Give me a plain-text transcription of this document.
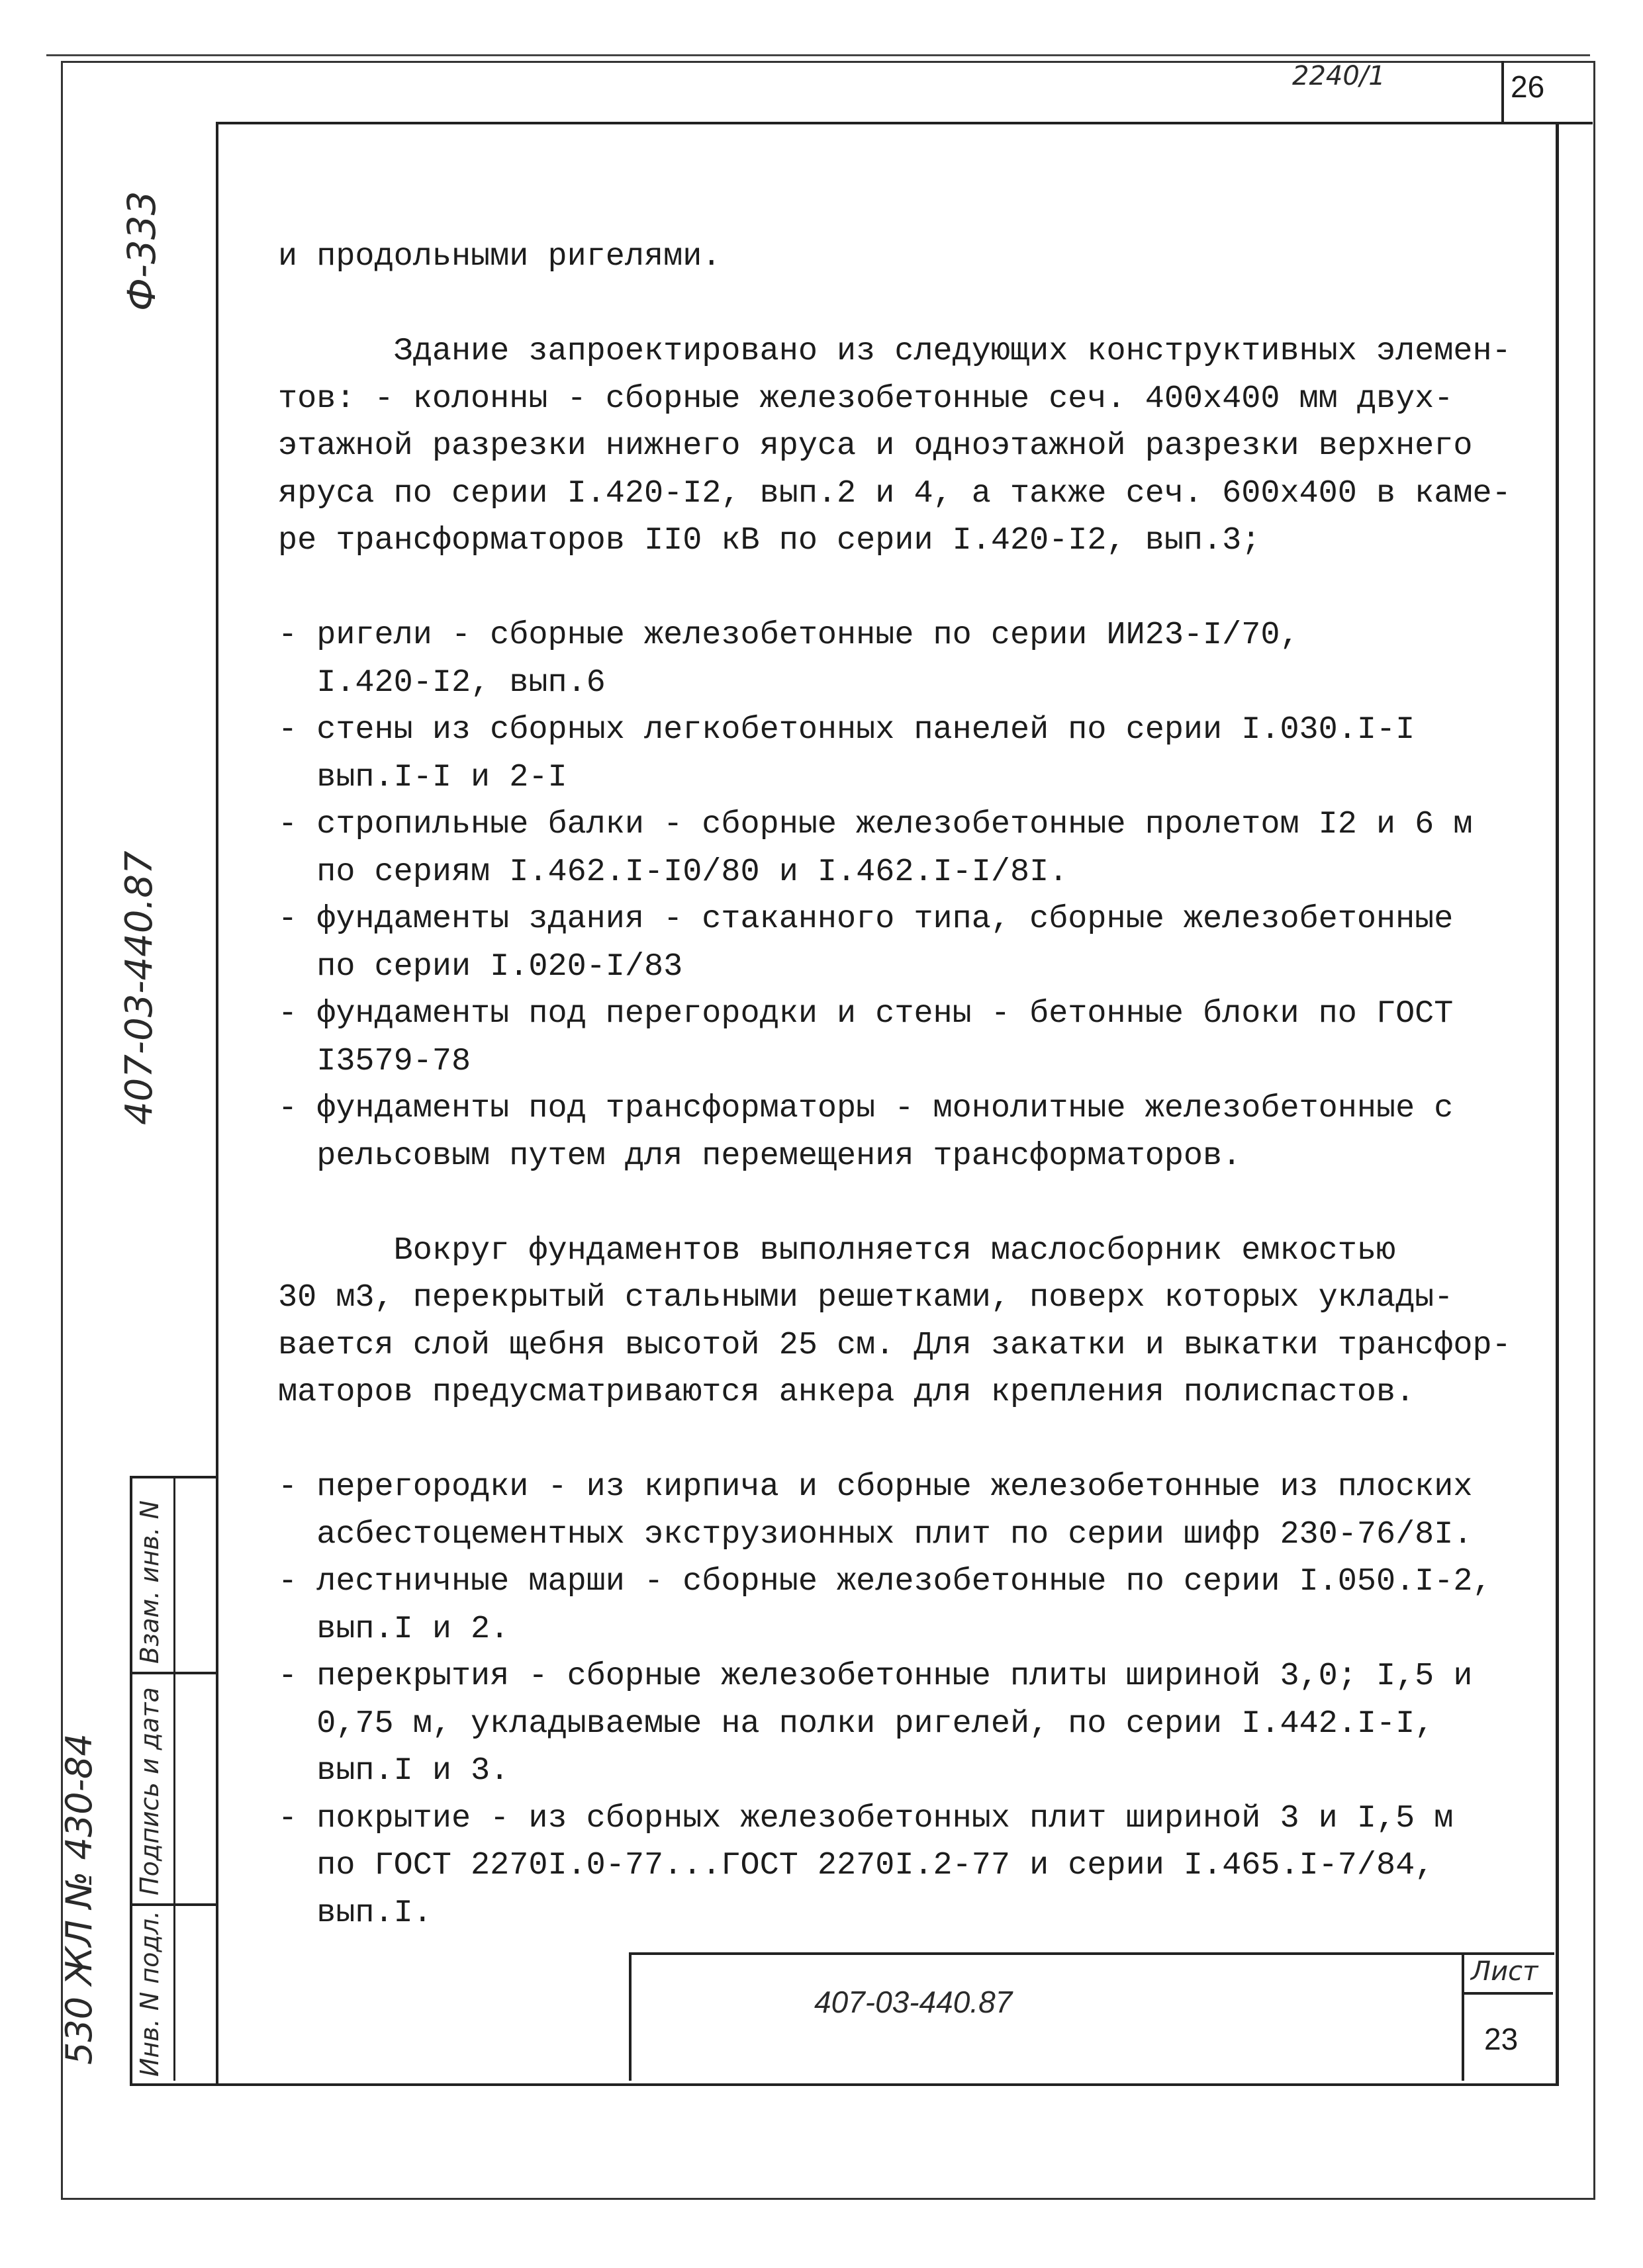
26
2240/1
Ф-333
407-03-440.87
530 ЖЛ № 430-84 Инв. N подл.
Подпись и дата
Взам. инв. N

и продольными ригелями.

Здание запроектировано из следующих конструктивных элемен-

тов: - колонны - сборные железобетонные сеч. 400х400 мм двух-

этажной разрезки нижнего яруса и одноэтажной разрезки верхнего

яруса по серии I.420-I2, вып.2 и 4, а также сеч. 600х400 в каме-

ре трансформаторов II0 кВ по серии I.420-I2, вып.3;

- ригели - сборные железобетонные по серии ИИ23-I/70,

I.420-I2, вып.6

- стены из сборных легкобетонных панелей по серии I.030.I-I

вып.I-I и 2-I

- стропильные балки - сборные железобетонные пролетом I2 и 6 м

по сериям I.462.I-I0/80 и I.462.I-I/8I.

- фундаменты здания - стаканного типа, сборные железобетонные

по серии I.020-I/83

- фундаменты под перегородки и стены - бетонные блоки по ГОСТ

I3579-78

- фундаменты под трансформаторы - монолитные железобетонные с

рельсовым путем для перемещения трансформаторов.

Вокруг фундаментов выполняется маслосборник емкостью

30 м3, перекрытый стальными решетками, поверх которых уклады-

вается слой щебня высотой 25 см. Для закатки и выкатки трансфор-

маторов предусматриваются анкера для крепления полиспастов.

- перегородки - из кирпича и сборные железобетонные из плоских

асбестоцементных экструзионных плит по серии шифр 230-76/8I.

- лестничные марши - сборные железобетонные по серии I.050.I-2,

вып.I и 2.

- перекрытия - сборные железобетонные плиты шириной 3,0; I,5 и

0,75 м, укладываемые на полки ригелей, по серии I.442.I-I,

вып.I и 3.

- покрытие - из сборных железобетонных плит шириной 3 и I,5 м

по ГОСТ 2270I.0-77...ГОСТ 2270I.2-77 и серии I.465.I-7/84,

вып.I.

407-03-440.87
Лист
23
